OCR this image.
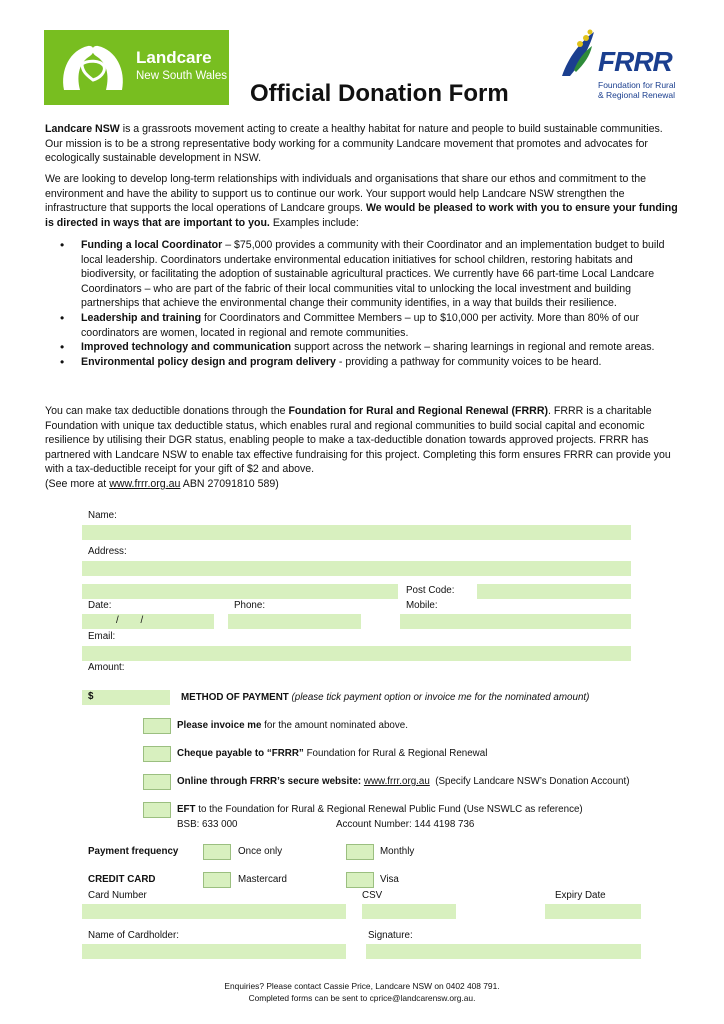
Landcare
New South Wales	FRRR
Foundation for Rural
& Regional Renewal
Official Donation Form
Landcare NSW is a grassroots movement acting to create a healthy habitat for nature and people to build sustainable communities. Our mission is to be a strong representative body working for a community Landcare movement that promotes and advocates for ecologically sustainable development in NSW.
We are looking to develop long-term relationships with individuals and organisations that share our ethos and commitment to the environment and have the ability to support us to continue our work. Your support would help Landcare NSW strengthen the infrastructure that supports the local operations of Landcare groups. We would be pleased to work with you to ensure your funding is directed in ways that are important to you. Examples include:
• Funding a local Coordinator – $75,000 provides a community with their Coordinator and an implementation budget to build local leadership. Coordinators undertake environmental education initiatives for school children, restoring habitats and biodiversity, or facilitating the adoption of sustainable agricultural practices. We currently have 66 part-time Local Landcare Coordinators – who are part of the fabric of their local communities vital to unlocking the local investment and building partnerships that achieve the environmental change their community identifies, in a way that builds their resilience.
• Leadership and training for Coordinators and Committee Members – up to $10,000 per activity. More than 80% of our coordinators are women, located in regional and remote communities.
• Improved technology and communication support across the network – sharing learnings in regional and remote areas.
• Environmental policy design and program delivery - providing a pathway for community voices to be heard.
You can make tax deductible donations through the Foundation for Rural and Regional Renewal (FRRR). FRRR is a charitable Foundation with unique tax deductible status, which enables rural and regional communities to build social capital and economic resilience by utilising their DGR status, enabling people to make a tax-deductible donation towards approved projects. FRRR has partnered with Landcare NSW to enable tax effective fundraising for this project. Completing this form ensures FRRR can provide you with a tax-deductible receipt for your gift of $2 and above.
(See more at www.frrr.org.au ABN 27091810 589)
Name:
Address:
Post Code:
Date:	Phone:	Mobile:
/        /
Email:
Amount:
$	METHOD OF PAYMENT (please tick payment option or invoice me for the nominated amount)
Please invoice me for the amount nominated above.
Cheque payable to “FRRR” Foundation for Rural & Regional Renewal
Online through FRRR’s secure website: www.frrr.org.au  (Specify Landcare NSW’s Donation Account)
EFT to the Foundation for Rural & Regional Renewal Public Fund (Use NSWLC as reference)
BSB: 633 000	Account Number: 144 4198 736
Payment frequency	Once only	Monthly
CREDIT CARD	Mastercard	Visa
Card Number	CSV	Expiry Date
Name of Cardholder:	Signature:
Enquiries? Please contact Cassie Price, Landcare NSW on 0402 408 791.
Completed forms can be sent to cprice@landcarensw.org.au.
